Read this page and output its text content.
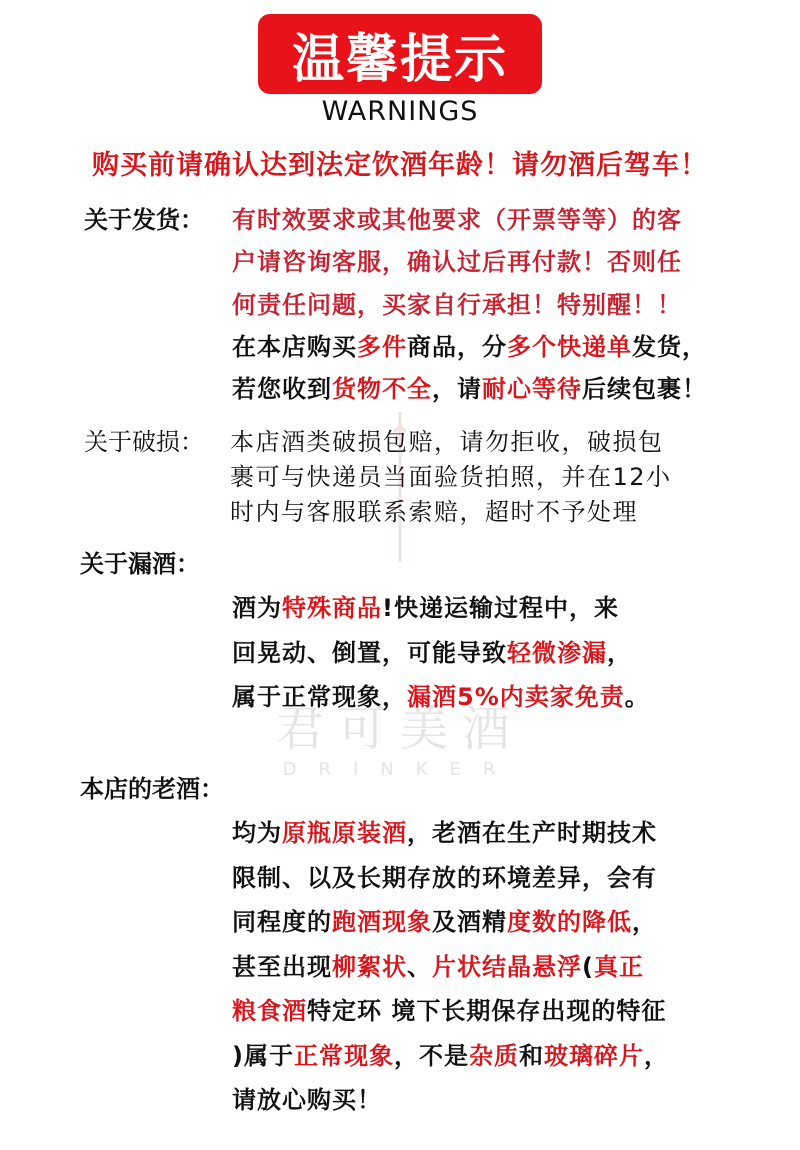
君可美酒
DRINKER
温馨提示
WARNINGS
购买前请确认达到法定饮酒年龄！请勿酒后驾车！
关于发货： 有时效要求或其他要求（开票等等）的客
户请咨询客服，确认过后再付款！否则任
何责任问题，买家自行承担！特别醒！！
在本店购买多件商品，分多个快递单发货，
若您收到货物不全，请耐心等待后续包裹！
关于破损： 本店酒类破损包赔，请勿拒收，破损包
裹可与快递员当面验货拍照，并在12小
时内与客服联系索赔，超时不予处理
关于漏酒：
酒为特殊商品!快递运输过程中，来
回晃动、倒置，可能导致轻微渗漏，
属于正常现象，漏酒5%内卖家免责。
本店的老酒：
均为原瓶原装酒，老酒在生产时期技术
限制、以及长期存放的环境差异，会有
同程度的跑酒现象及酒精度数的降低，
甚至出现柳絮状、片状结晶悬浮(真正
粮食酒特定环 境下长期保存出现的特征
)属于正常现象，不是杂质和玻璃碎片，
请放心购买！
